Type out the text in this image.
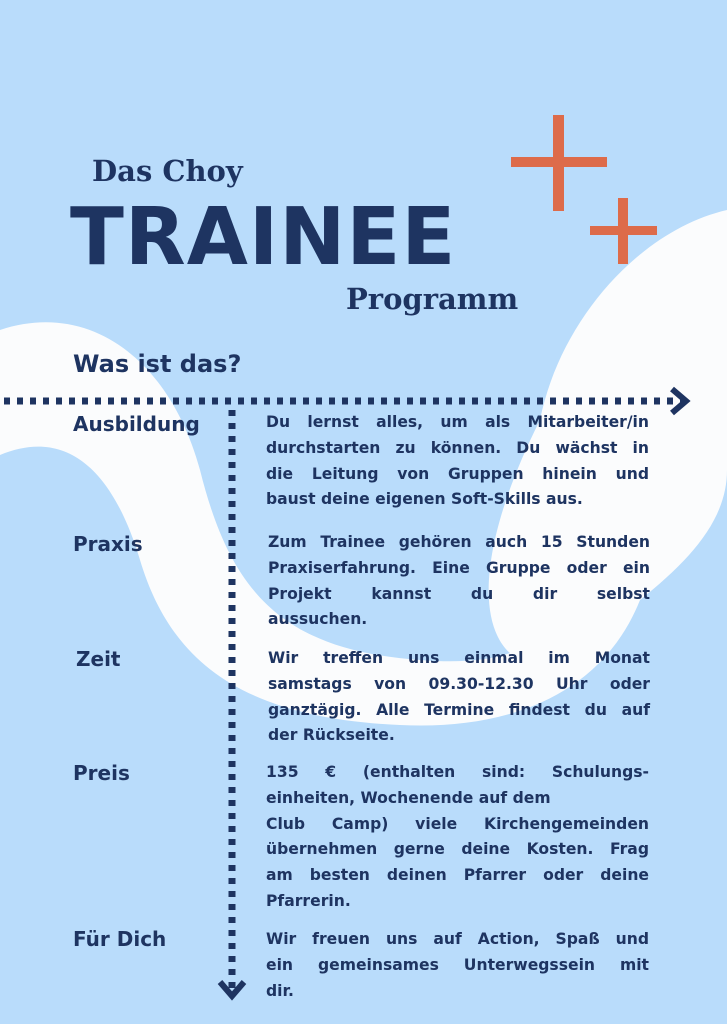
Das Choy

TRAINEE

Programm

Was ist das?

Ausbildung	Du lernst alles, um als Mitarbeiter/in
durchstarten zu können. Du wächst in
die Leitung von Gruppen hinein und
baust deine eigenen Soft-Skills aus.

Praxis	Zum Trainee gehören auch 15 Stunden
Praxiserfahrung. Eine Gruppe oder ein
Projekt kannst du dir selbst
aussuchen.

Zeit	Wir treffen uns einmal im Monat
samstags von 09.30-12.30 Uhr oder
ganztägig. Alle Termine findest du auf
der Rückseite.

Preis	135 € (enthalten sind: Schulungs-
einheiten, Wochenende auf dem
Club Camp) viele Kirchengemeinden
übernehmen gerne deine Kosten. Frag
am besten deinen Pfarrer oder deine
Pfarrerin.

Für Dich	Wir freuen uns auf Action, Spaß und
ein gemeinsames Unterwegssein mit
dir.
